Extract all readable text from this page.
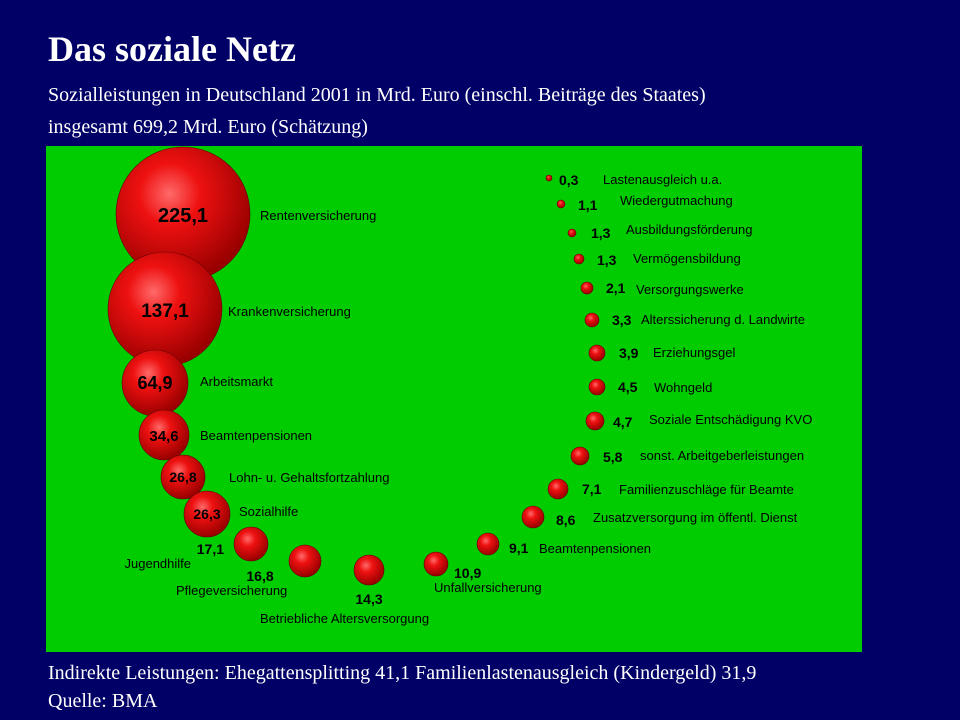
Das soziale Netz
Sozialleistungen in Deutschland 2001 in Mrd. Euro (einschl. Beiträge des Staates)
insgesamt 699,2 Mrd. Euro (Schätzung)
225,1	Rentenversicherung
137,1	Krankenversicherung
64,9 Arbeitsmarkt
34,6 Beamtenpensionen
26,8 Lohn- u. Gehaltsfortzahlung
26,3 Sozialhilfe
17,1
Jugendhilfe
16,8
Pflegeversicherung
14,3
Betriebliche Altersversorgung
10,9
Unfallversicherung
9,1 Beamtenpensionen
8,6 Zusatzversorgung im öffentl. Dienst
7,1 Familienzuschläge für Beamte
5,8 sonst. Arbeitgeberleistungen
4,7 Soziale Entschädigung KVO
4,5 Wohngeld
3,9 Erziehungsgel
3,3 Alterssicherung d. Landwirte
2,1 Versorgungswerke
1,3 Vermögensbildung
1,3 Ausbildungsförderung
1,1 Wiedergutmachung
0,3 Lastenausgleich u.a.
Indirekte Leistungen: Ehegattensplitting 41,1 Familienlastenausgleich (Kindergeld) 31,9
Quelle: BMA
